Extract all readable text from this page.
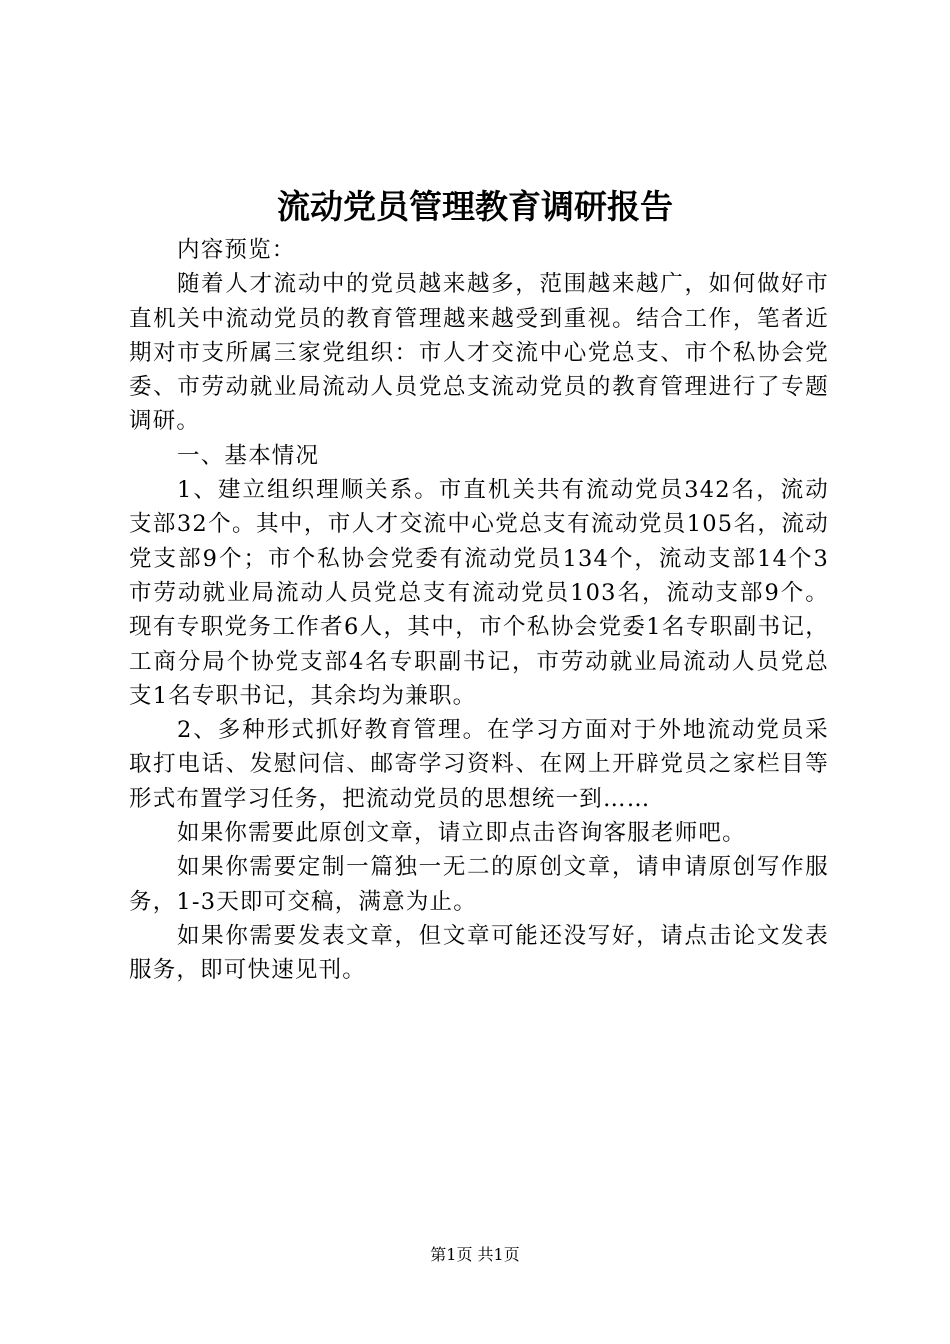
流动党员管理教育调研报告

内容预览：

随着人才流动中的党员越来越多，范围越来越广，如何做好市直机关中流动党员的教育管理越来越受到重视。结合工作，笔者近期对市支所属三家党组织：市人才交流中心党总支、市个私协会党委、市劳动就业局流动人员党总支流动党员的教育管理进行了专题调研。

一、基本情况

1、建立组织理顺关系。市直机关共有流动党员342名，流动支部32个。其中，市人才交流中心党总支有流动党员105名，流动党支部9个；市个私协会党委有流动党员134个，流动支部14个3市劳动就业局流动人员党总支有流动党员103名，流动支部9个。现有专职党务工作者6人，其中，市个私协会党委1名专职副书记，工商分局个协党支部4名专职副书记，市劳动就业局流动人员党总支1名专职书记，其余均为兼职。

2、多种形式抓好教育管理。在学习方面对于外地流动党员采取打电话、发慰问信、邮寄学习资料、在网上开辟党员之家栏目等形式布置学习任务，把流动党员的思想统一到……

如果你需要此原创文章，请立即点击咨询客服老师吧。

如果你需要定制一篇独一无二的原创文章，请申请原创写作服务，1-3天即可交稿，满意为止。

如果你需要发表文章，但文章可能还没写好，请点击论文发表服务，即可快速见刊。

第1页 共1页
